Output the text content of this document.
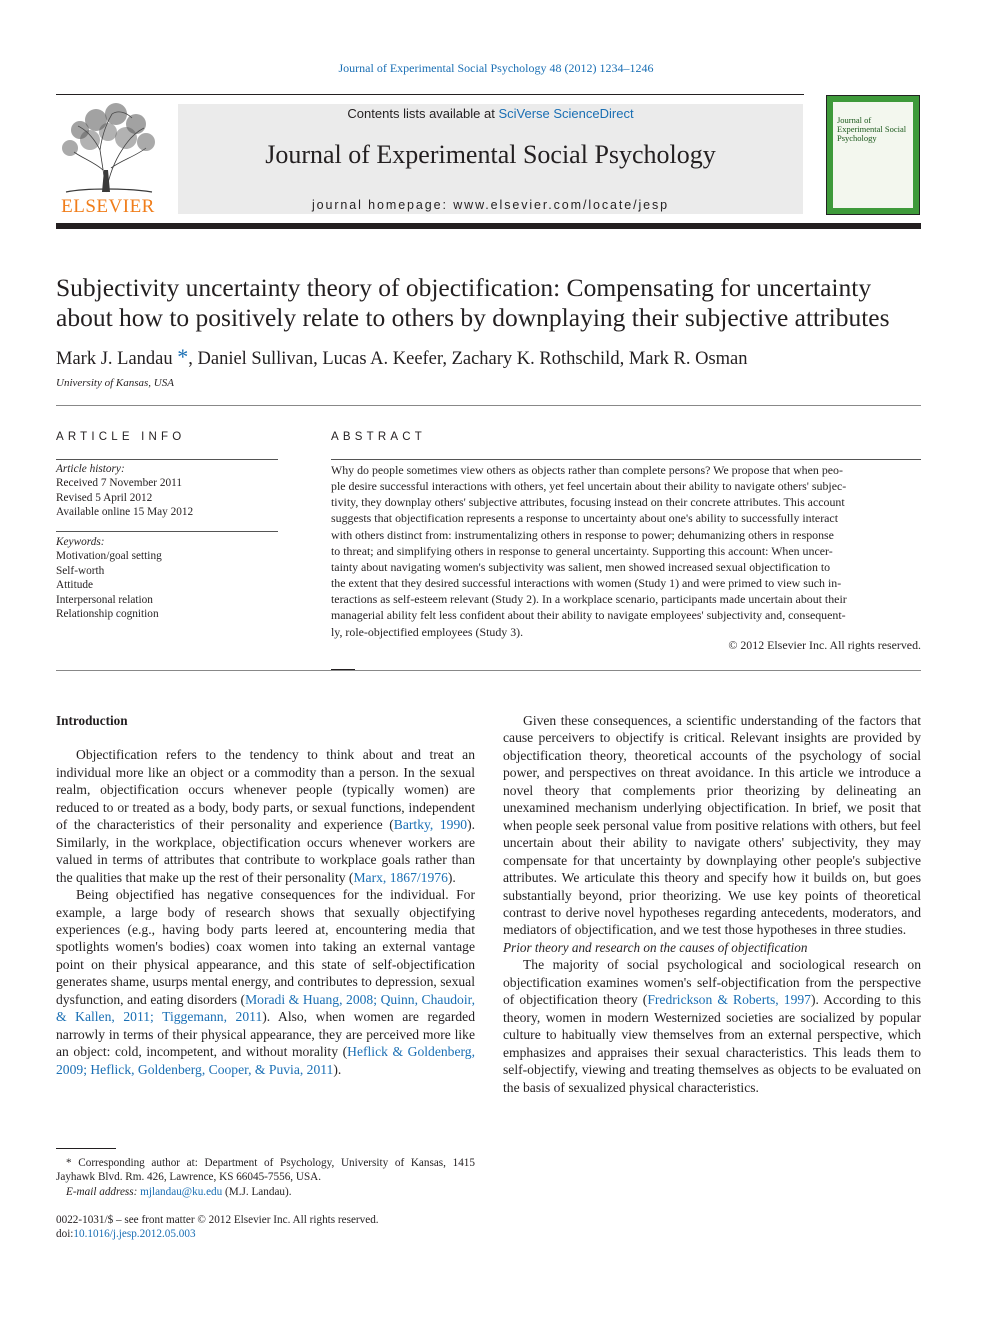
Journal of Experimental Social Psychology 48 (2012) 1234–1246
ELSEVIER
Contents lists available at SciVerse ScienceDirect
Journal of Experimental Social Psychology
journal homepage: www.elsevier.com/locate/jesp
Journal of Experimental Social Psychology
Subjectivity uncertainty theory of objectification: Compensating for uncertainty about how to positively relate to others by downplaying their subjective attributes
Mark J. Landau *, Daniel Sullivan, Lucas A. Keefer, Zachary K. Rothschild, Mark R. Osman
University of Kansas, USA
ARTICLE INFO	ABSTRACT
Article history:
Received 7 November 2011
Revised 5 April 2012
Available online 15 May 2012
Keywords:
Motivation/goal setting
Self-worth
Attitude
Interpersonal relation
Relationship cognition
Why do people sometimes view others as objects rather than complete persons? We propose that when peo-
ple desire successful interactions with others, yet feel uncertain about their ability to navigate others' subjec-
tivity, they downplay others' subjective attributes, focusing instead on their concrete attributes. This account
suggests that objectification represents a response to uncertainty about one's ability to successfully interact
with others distinct from: instrumentalizing others in response to power; dehumanizing others in response
to threat; and simplifying others in response to general uncertainty. Supporting this account: When uncer-
tainty about navigating women's subjectivity was salient, men showed increased sexual objectification to
the extent that they desired successful interactions with women (Study 1) and were primed to view such in-
teractions as self-esteem relevant (Study 2). In a workplace scenario, participants made uncertain about their
managerial ability felt less confident about their ability to navigate employees' subjectivity and, consequent-
ly, role-objectified employees (Study 3).
© 2012 Elsevier Inc. All rights reserved.
Introduction

Objectification refers to the tendency to think about and treat an individual more like an object or a commodity than a person. In the sexual realm, objectification occurs whenever people (typically women) are reduced to or treated as a body, body parts, or sexual functions, independent of the characteristics of their personality and experience (Bartky, 1990). Similarly, in the workplace, objectification occurs whenever workers are valued in terms of attributes that contribute to workplace goals rather than the qualities that make up the rest of their personality (Marx, 1867/1976).

Being objectified has negative consequences for the individual. For example, a large body of research shows that sexually objectifying experiences (e.g., having body parts leered at, encountering media that spotlights women's bodies) coax women into taking an external vantage point on their physical appearance, and this state of self-objectification generates shame, usurps mental energy, and contributes to depression, sexual dysfunction, and eating disorders (Moradi & Huang, 2008; Quinn, Chaudoir, & Kallen, 2011; Tiggemann, 2011). Also, when women are regarded narrowly in terms of their physical appearance, they are perceived more like an object: cold, incompetent, and without morality (Heflick & Goldenberg, 2009; Heflick, Goldenberg, Cooper, & Puvia, 2011).

Given these consequences, a scientific understanding of the factors that cause perceivers to objectify is critical. Relevant insights are provided by objectification theory, theoretical accounts of the psychology of social power, and perspectives on threat avoidance. In this article we introduce a novel theory that complements prior theorizing by delineating an unexamined mechanism underlying objectification. In brief, we posit that when people seek personal value from positive relations with others, but feel uncertain about their ability to navigate others' subjectivity, they may compensate for that uncertainty by downplaying other people's subjective attributes. We articulate this theory and specify how it builds on, but goes substantially beyond, prior theorizing. We use key points of theoretical contrast to derive novel hypotheses regarding antecedents, moderators, and mediators of objectification, and we test those hypotheses in three studies.

Prior theory and research on the causes of objectification

The majority of social psychological and sociological research on objectification examines women's self-objectification from the perspective of objectification theory (Fredrickson & Roberts, 1997). According to this theory, women in modern Westernized societies are socialized by popular culture to habitually view themselves from an external perspective, which emphasizes and appraises their sexual characteristics. This leads them to self-objectify, viewing and treating themselves as objects to be evaluated on the basis of sexualized physical characteristics.

* Corresponding author at: Department of Psychology, University of Kansas, 1415 Jayhawk Blvd. Rm. 426, Lawrence, KS 66045-7556, USA.
E-mail address: mjlandau@ku.edu (M.J. Landau).
0022-1031/$ – see front matter © 2012 Elsevier Inc. All rights reserved.
doi:10.1016/j.jesp.2012.05.003
